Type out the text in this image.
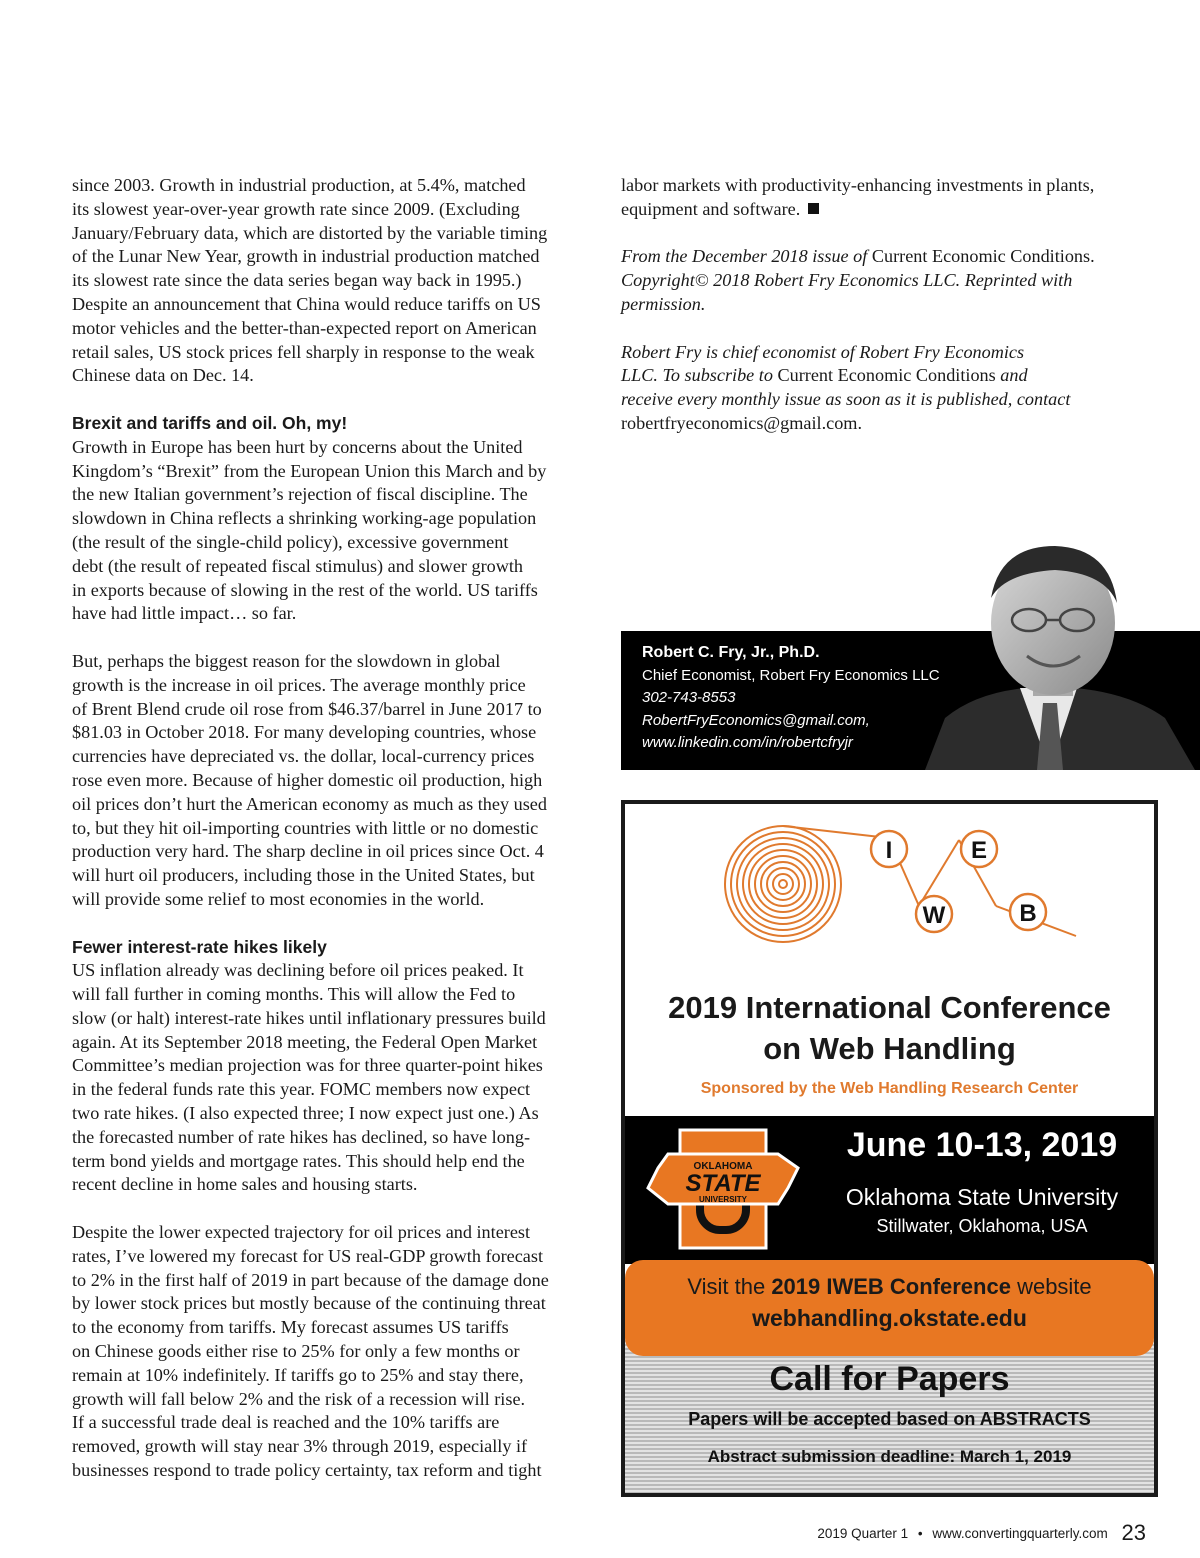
since 2003. Growth in industrial production, at 5.4%, matched
its slowest year-over-year growth rate since 2009. (Excluding
January/February data, which are distorted by the variable timing
of the Lunar New Year, growth in industrial production matched
its slowest rate since the data series began way back in 1995.)
Despite an announcement that China would reduce tariffs on US
motor vehicles and the better-than-expected report on American
retail sales, US stock prices fell sharply in response to the weak
Chinese data on Dec. 14.
Brexit and tariffs and oil. Oh, my!
Growth in Europe has been hurt by concerns about the United
Kingdom’s “Brexit” from the European Union this March and by
the new Italian government’s rejection of fiscal discipline. The
slowdown in China reflects a shrinking working-age population
(the result of the single-child policy), excessive government
debt (the result of repeated fiscal stimulus) and slower growth
in exports because of slowing in the rest of the world. US tariffs
have had little impact… so far.
But, perhaps the biggest reason for the slowdown in global
growth is the increase in oil prices. The average monthly price
of Brent Blend crude oil rose from $46.37/barrel in June 2017 to
$81.03 in October 2018. For many developing countries, whose
currencies have depreciated vs. the dollar, local-currency prices
rose even more. Because of higher domestic oil production, high
oil prices don’t hurt the American economy as much as they used
to, but they hit oil-importing countries with little or no domestic
production very hard. The sharp decline in oil prices since Oct. 4
will hurt oil producers, including those in the United States, but
will provide some relief to most economies in the world.
Fewer interest-rate hikes likely
US inflation already was declining before oil prices peaked. It
will fall further in coming months. This will allow the Fed to
slow (or halt) interest-rate hikes until inflationary pressures build
again. At its September 2018 meeting, the Federal Open Market
Committee’s median projection was for three quarter-point hikes
in the federal funds rate this year. FOMC members now expect
two rate hikes. (I also expected three; I now expect just one.) As
the forecasted number of rate hikes has declined, so have long-
term bond yields and mortgage rates. This should help end the
recent decline in home sales and housing starts.
Despite the lower expected trajectory for oil prices and interest
rates, I’ve lowered my forecast for US real-GDP growth forecast
to 2% in the first half of 2019 in part because of the damage done
by lower stock prices but mostly because of the continuing threat
to the economy from tariffs. My forecast assumes US tariffs
on Chinese goods either rise to 25% for only a few months or
remain at 10% indefinitely. If tariffs go to 25% and stay there,
growth will fall below 2% and the risk of a recession will rise.
If a successful trade deal is reached and the 10% tariffs are
removed, growth will stay near 3% through 2019, especially if
businesses respond to trade policy certainty, tax reform and tight
labor markets with productivity-enhancing investments in plants,
equipment and software.
From the December 2018 issue of Current Economic Conditions.
Copyright© 2018 Robert Fry Economics LLC. Reprinted with
permission.
Robert Fry is chief economist of Robert Fry Economics
LLC. To subscribe to Current Economic Conditions and
receive every monthly issue as soon as it is published, contact
robertfryeconomics@gmail.com.
Robert C. Fry, Jr., Ph.D.
Chief Economist, Robert Fry Economics LLC
302-743-8553
RobertFryEconomics@gmail.com,
www.linkedin.com/in/robertcfryjr
I	E
W	B
2019 International Conference
on Web Handling
Sponsored by the Web Handling Research Center
OKLAHOMA
STATE
UNIVERSITY
June 10-13, 2019
Oklahoma State University
Stillwater, Oklahoma, USA
Visit the 2019 IWEB Conference website
webhandling.okstate.edu
Call for Papers
Papers will be accepted based on ABSTRACTS
Abstract submission deadline: March 1, 2019
2019 Quarter 1 • www.convertingquarterly.com 23
